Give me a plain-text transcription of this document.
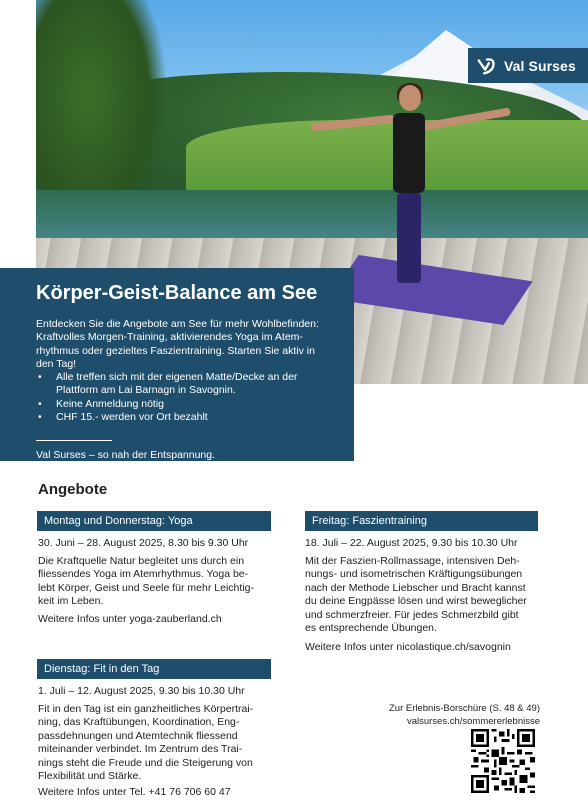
Val Surses
Körper-Geist-Balance am See

Entdecken Sie die Angebote am See für mehr Wohlbefinden:
Kraftvolles Morgen-Training, aktivierendes Yoga im Atem-
rhythmus oder gezieltes Faszientraining. Starten Sie aktiv in
den Tag!

• Alle treffen sich mit der eigenen Matte/Decke an der
Plattform am Lai Barnagn in Savognin.
• Keine Anmeldung nötig
• CHF 15.- werden vor Ort bezahlt
Val Surses – so nah der Entspannung.
Angebote
Montag und Donnerstag: Yoga
30. Juni – 28. August 2025, 8.30 bis 9.30 Uhr
Die Kraftquelle Natur begleitet uns durch ein
fliessendes Yoga im Atemrhythmus. Yoga be-
lebt Körper, Geist und Seele für mehr Leichtig-
keit im Leben.
Weitere Infos unter yoga-zauberland.ch
Freitag: Faszientraining
18. Juli – 22. August 2025, 9.30 bis 10.30 Uhr
Mit der Faszien-Rollmassage, intensiven Deh-
nungs- und isometrischen Kräftigungsübungen
nach der Methode Liebscher und Bracht kannst
du deine Engpässe lösen und wirst beweglicher
und schmerzfreier. Für jedes Schmerzbild gibt
es entsprechende Übungen.
Weitere Infos unter nicolastique.ch/savognin
Dienstag: Fit in den Tag
1. Juli – 12. August 2025, 9.30 bis 10.30 Uhr
Fit in den Tag ist ein ganzheitliches Körpertrai-
ning, das Kraftübungen, Koordination, Eng-
passdehnungen und Atemtechnik fliessend
miteinander verbindet. Im Zentrum des Trai-
nings steht die Freude und die Steigerung von
Flexibilität und Stärke.
Weitere Infos unter Tel. +41 76 706 60 47
Zur Erlebnis-Borschüre (S. 48 & 49)
valsurses.ch/sommererlebnisse
